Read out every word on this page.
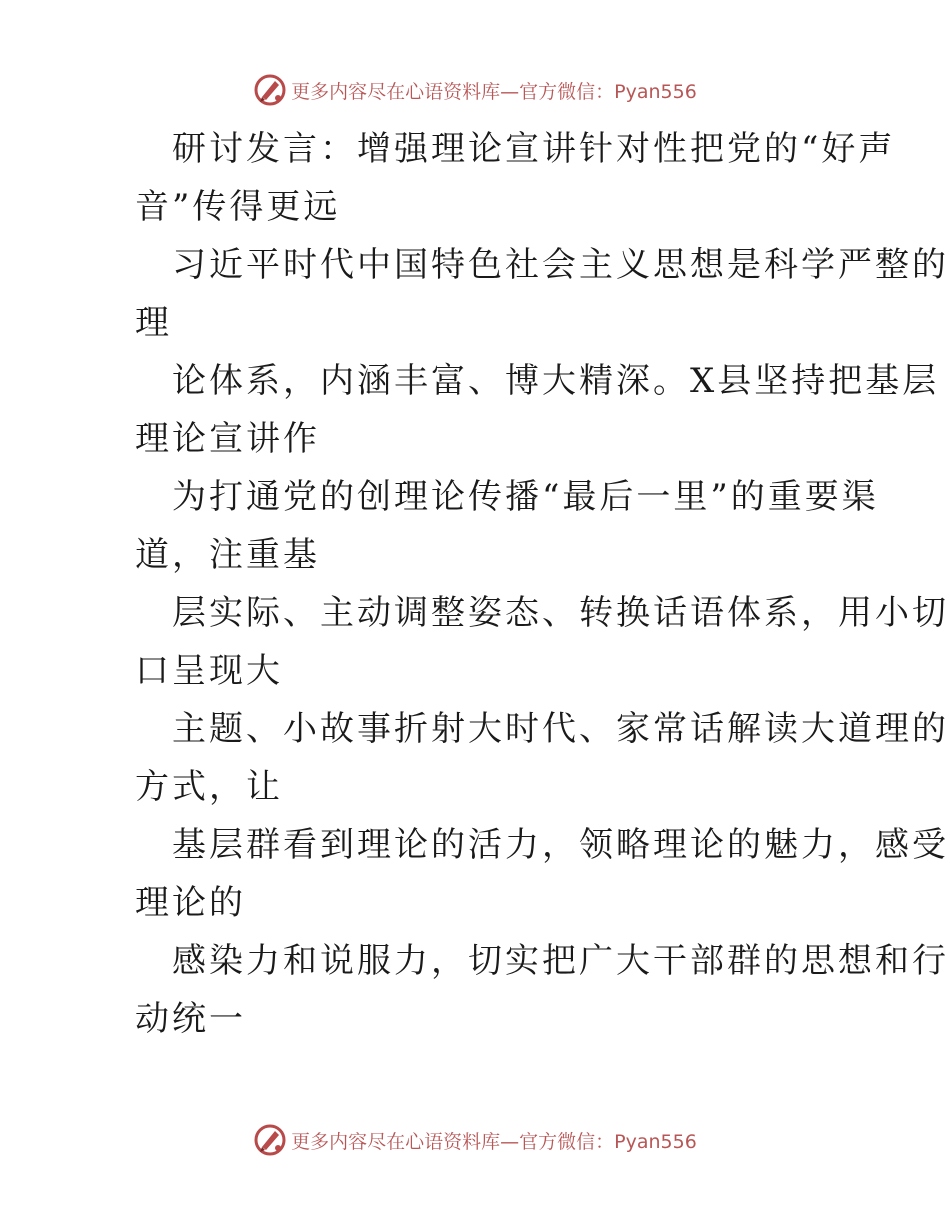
更多内容尽在心语资料库—官方微信：Pyan556

研讨发言：增强理论宣讲针对性把党的“好声
音”传得更远
习近平时代中国特色社会主义思想是科学严整的
理
论体系，内涵丰富、博大精深。X县坚持把基层
理论宣讲作
为打通党的创理论传播“最后一里”的重要渠
道，注重基
层实际、主动调整姿态、转换话语体系，用小切
口呈现大
主题、小故事折射大时代、家常话解读大道理的
方式，让
基层群看到理论的活力，领略理论的魅力，感受
理论的
感染力和说服力，切实把广大干部群的思想和行
动统一

更多内容尽在心语资料库—官方微信：Pyan556
